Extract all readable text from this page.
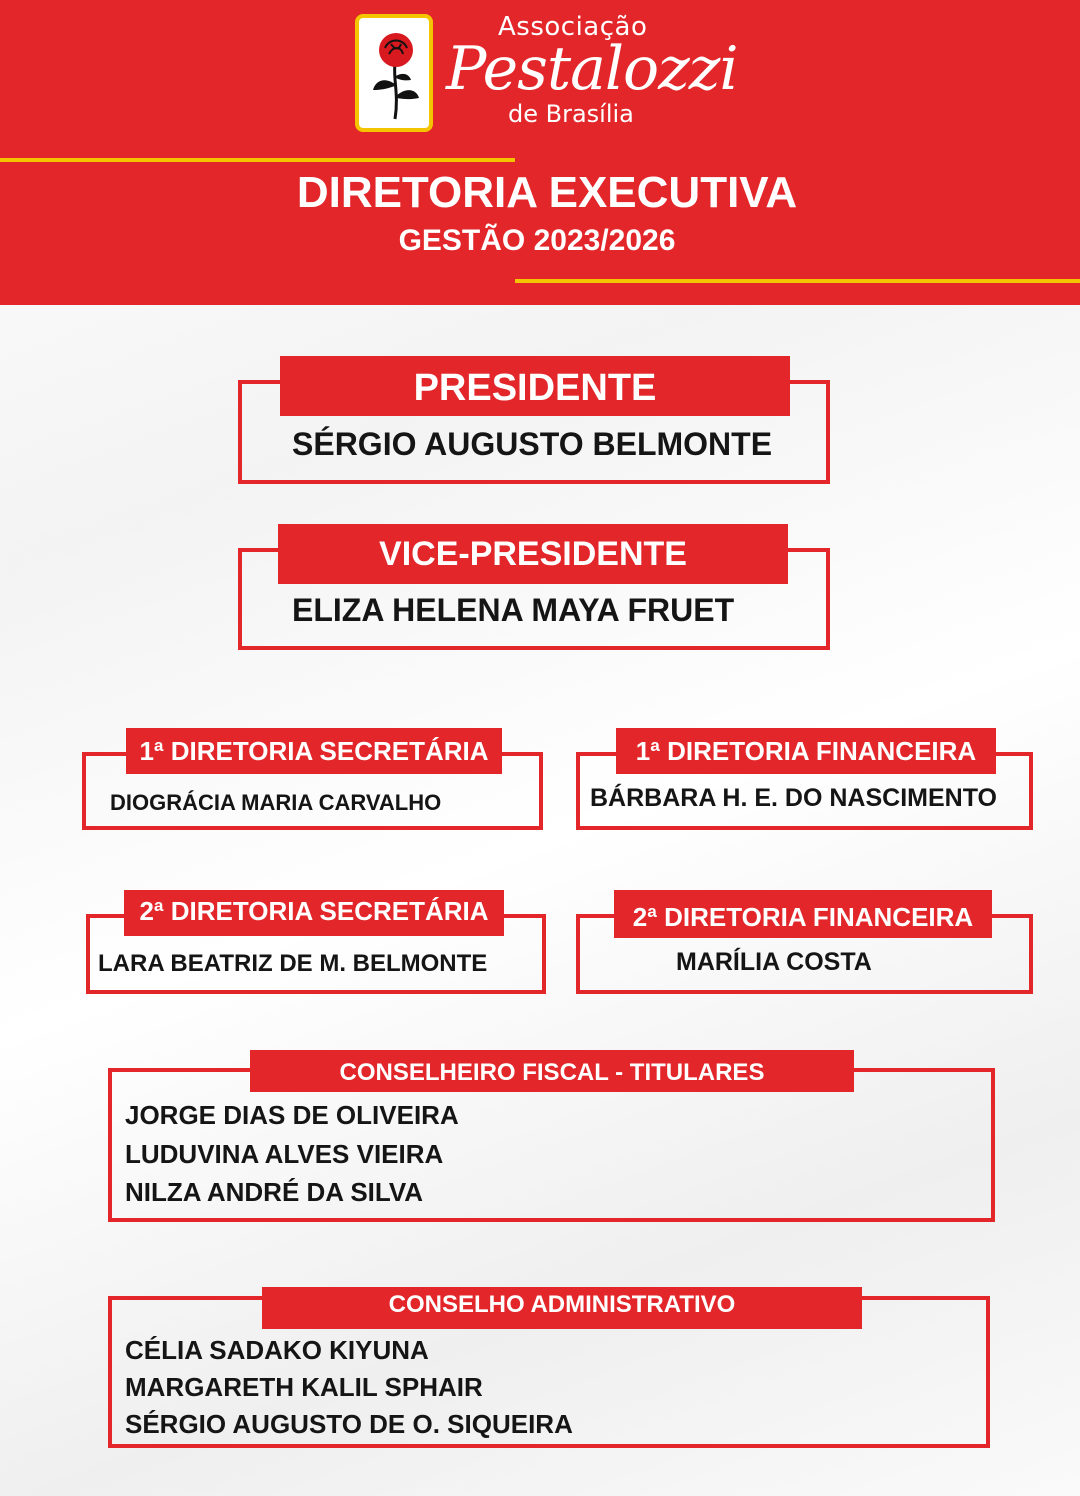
Associação
Pestalozzi
de Brasília
DIRETORIA EXECUTIVA
GESTÃO 2023/2026
PRESIDENTE
SÉRGIO AUGUSTO BELMONTE
VICE-PRESIDENTE
ELIZA HELENA MAYA FRUET
1ª DIRETORIA SECRETÁRIA
DIOGRÁCIA MARIA CARVALHO
1ª DIRETORIA FINANCEIRA
BÁRBARA H. E. DO NASCIMENTO
2ª DIRETORIA SECRETÁRIA
LARA BEATRIZ DE M. BELMONTE
2ª DIRETORIA FINANCEIRA
MARÍLIA COSTA
CONSELHEIRO FISCAL - TITULARES
JORGE DIAS DE OLIVEIRA
LUDUVINA ALVES VIEIRA
NILZA ANDRÉ DA SILVA
CONSELHO ADMINISTRATIVO
CÉLIA SADAKO KIYUNA
MARGARETH KALIL SPHAIR
SÉRGIO AUGUSTO DE O. SIQUEIRA
